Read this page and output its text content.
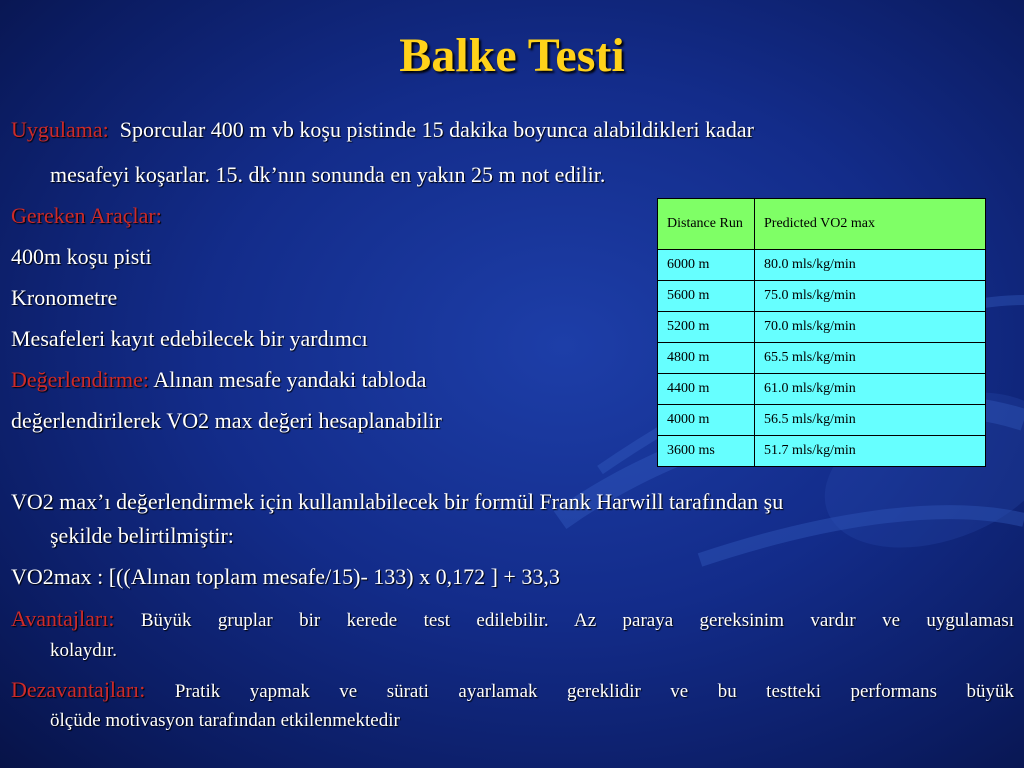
Balke Testi
Uygulama: Sporcular 400 m vb koşu pistinde 15 dakika boyunca alabildikleri kadar
mesafeyi koşarlar. 15. dk’nın sonunda en yakın 25 m not edilir.
Gereken Araçlar:
400m koşu pisti
Kronometre
Mesafeleri kayıt edebilecek bir yardımcı
Değerlendirme: Alınan mesafe yandaki tabloda
değerlendirilerek VO2 max değeri hesaplanabilir
Distance Run	Predicted VO2 max
6000 m	80.0 mls/kg/min
5600 m	75.0 mls/kg/min
5200 m	70.0 mls/kg/min
4800 m	65.5 mls/kg/min
4400 m	61.0 mls/kg/min
4000 m	56.5 mls/kg/min
3600 ms	51.7 mls/kg/min
VO2 max’ı değerlendirmek için kullanılabilecek bir formül Frank Harwill tarafından şu
şekilde belirtilmiştir:
VO2max : [((Alınan toplam mesafe/15)- 133) x 0,172 ] + 33,3
Avantajları: Büyük gruplar bir kerede test edilebilir. Az paraya gereksinim vardır ve uygulaması
kolaydır.
Dezavantajları: Pratik yapmak ve sürati ayarlamak gereklidir ve bu testteki performans büyük
ölçüde motivasyon tarafından etkilenmektedir
